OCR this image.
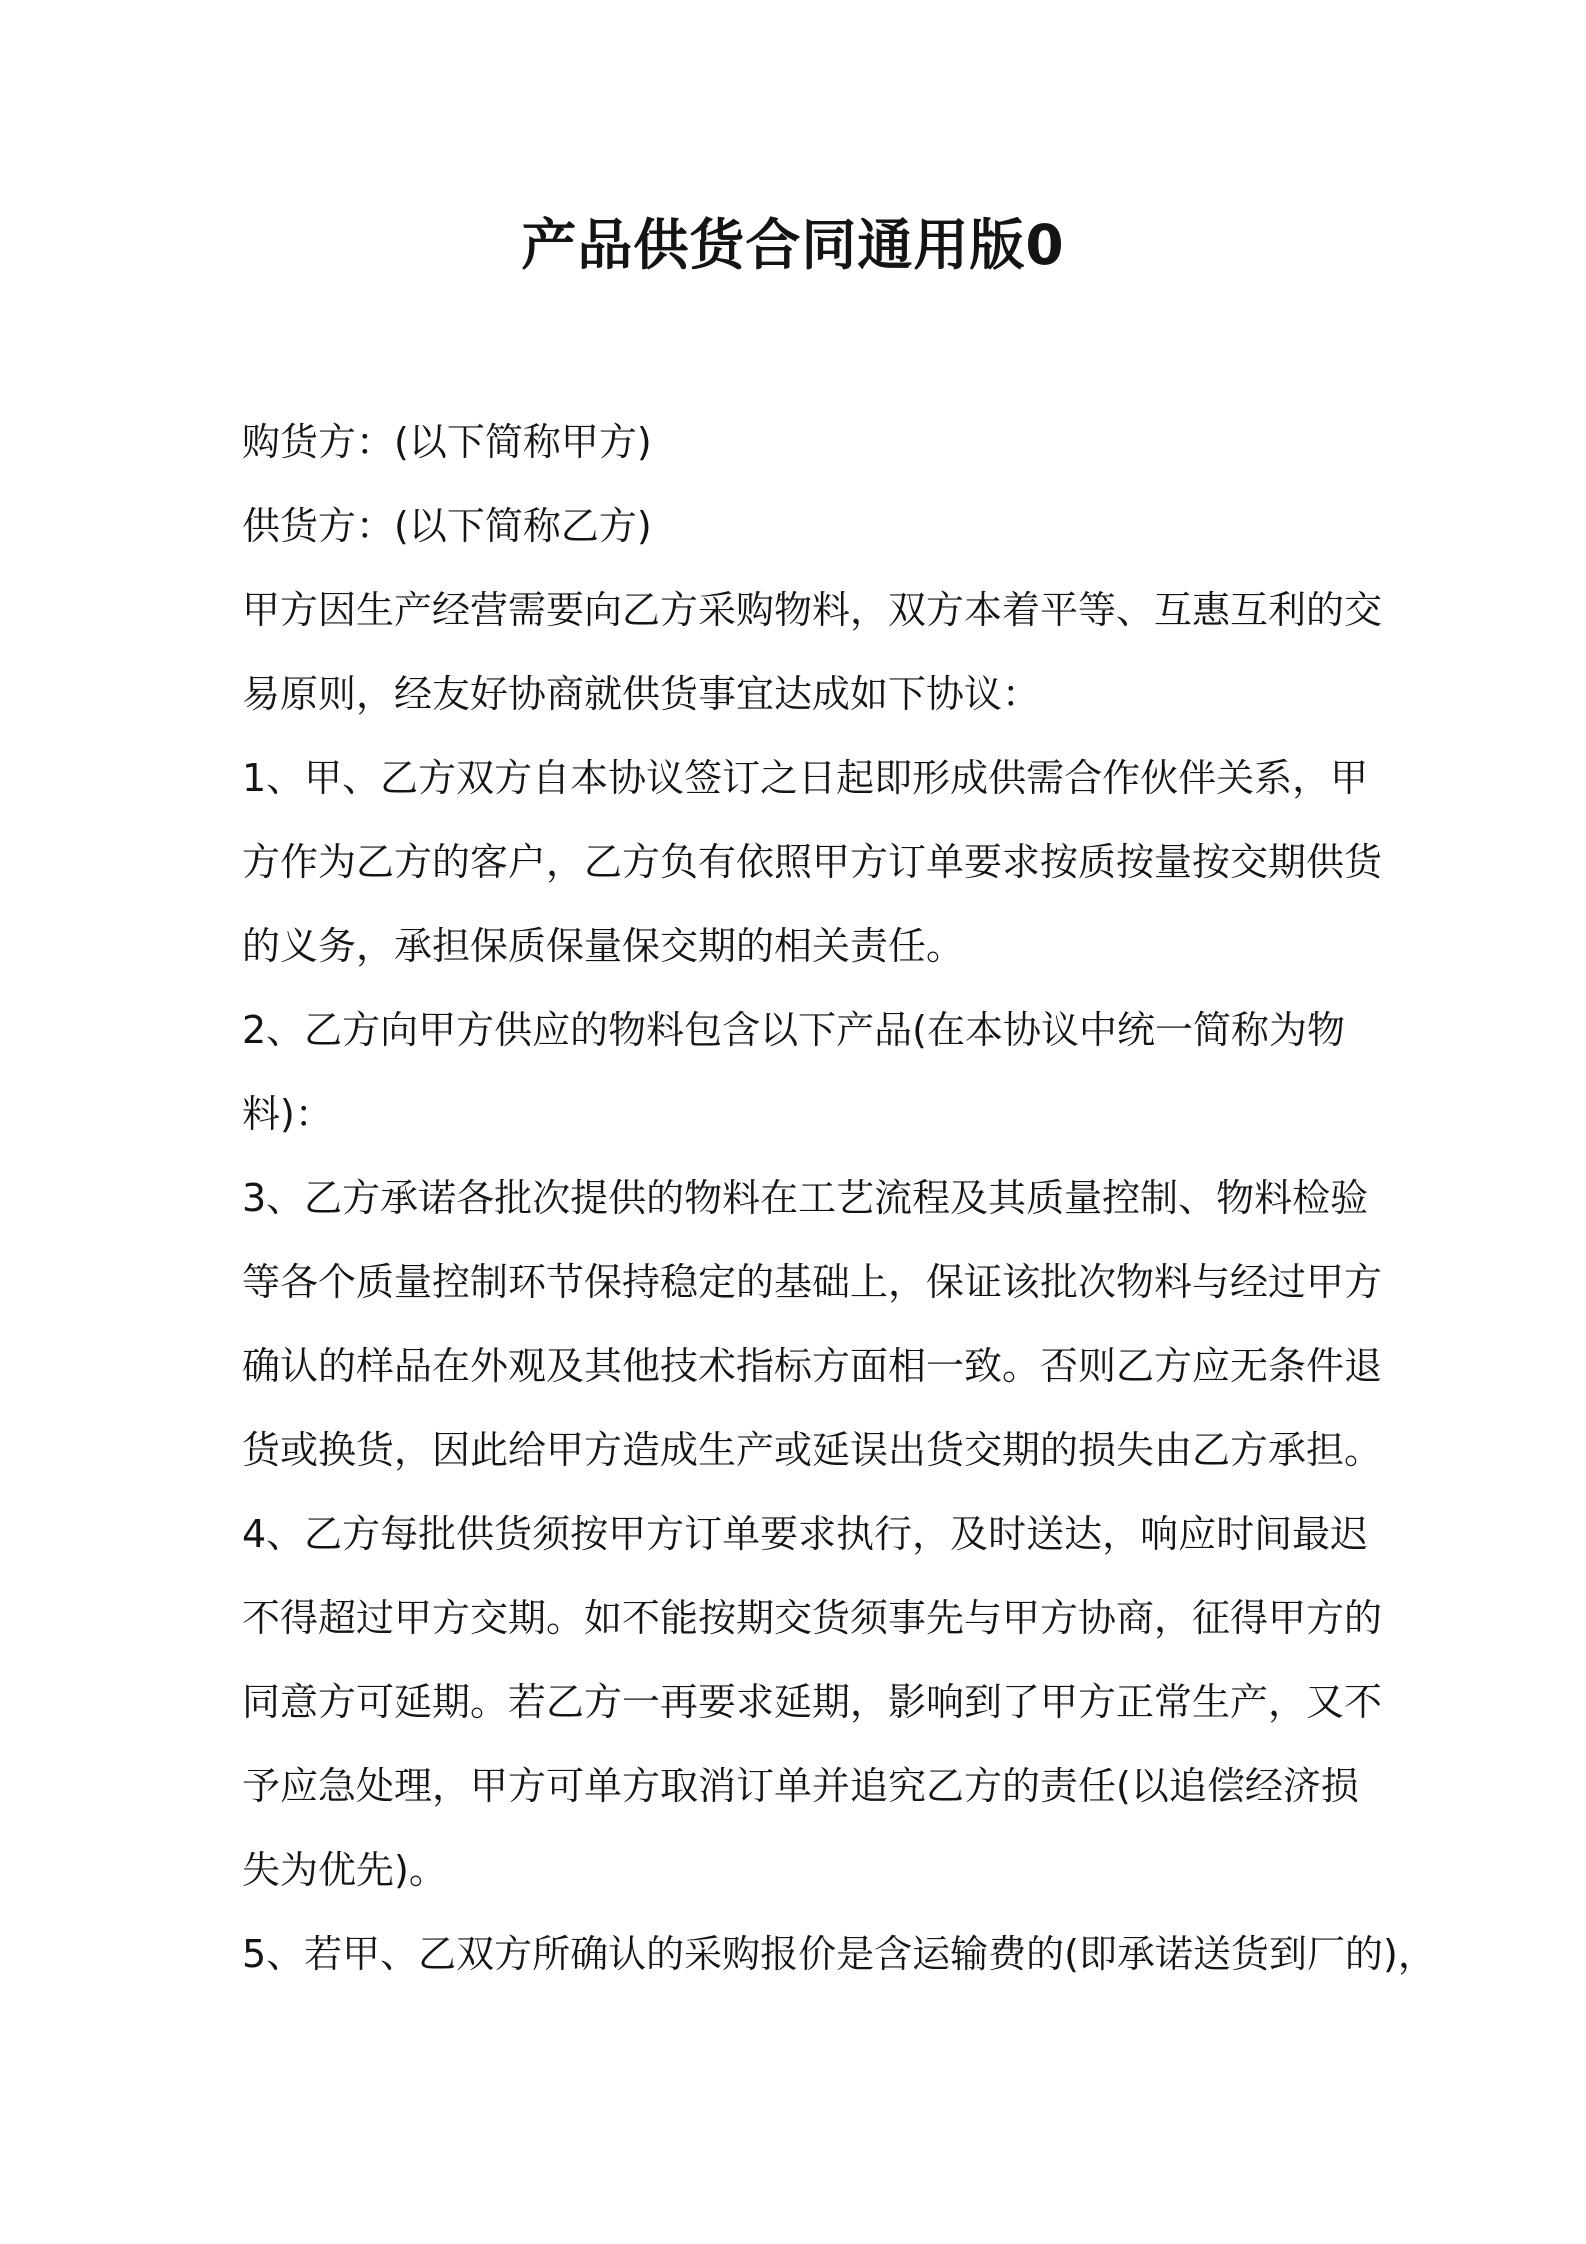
产品供货合同通用版0
购货方：(以下简称甲方)
供货方：(以下简称乙方)
甲方因生产经营需要向乙方采购物料，双方本着平等、互惠互利的交
易原则，经友好协商就供货事宜达成如下协议：
1、甲、乙方双方自本协议签订之日起即形成供需合作伙伴关系，甲
方作为乙方的客户，乙方负有依照甲方订单要求按质按量按交期供货
的义务，承担保质保量保交期的相关责任。
2、乙方向甲方供应的物料包含以下产品(在本协议中统一简称为物
料)：
3、乙方承诺各批次提供的物料在工艺流程及其质量控制、物料检验
等各个质量控制环节保持稳定的基础上，保证该批次物料与经过甲方
确认的样品在外观及其他技术指标方面相一致。否则乙方应无条件退
货或换货，因此给甲方造成生产或延误出货交期的损失由乙方承担。
4、乙方每批供货须按甲方订单要求执行，及时送达，响应时间最迟
不得超过甲方交期。如不能按期交货须事先与甲方协商，征得甲方的
同意方可延期。若乙方一再要求延期，影响到了甲方正常生产，又不
予应急处理，甲方可单方取消订单并追究乙方的责任(以追偿经济损
失为优先)。
5、若甲、乙双方所确认的采购报价是含运输费的(即承诺送货到厂的)，
